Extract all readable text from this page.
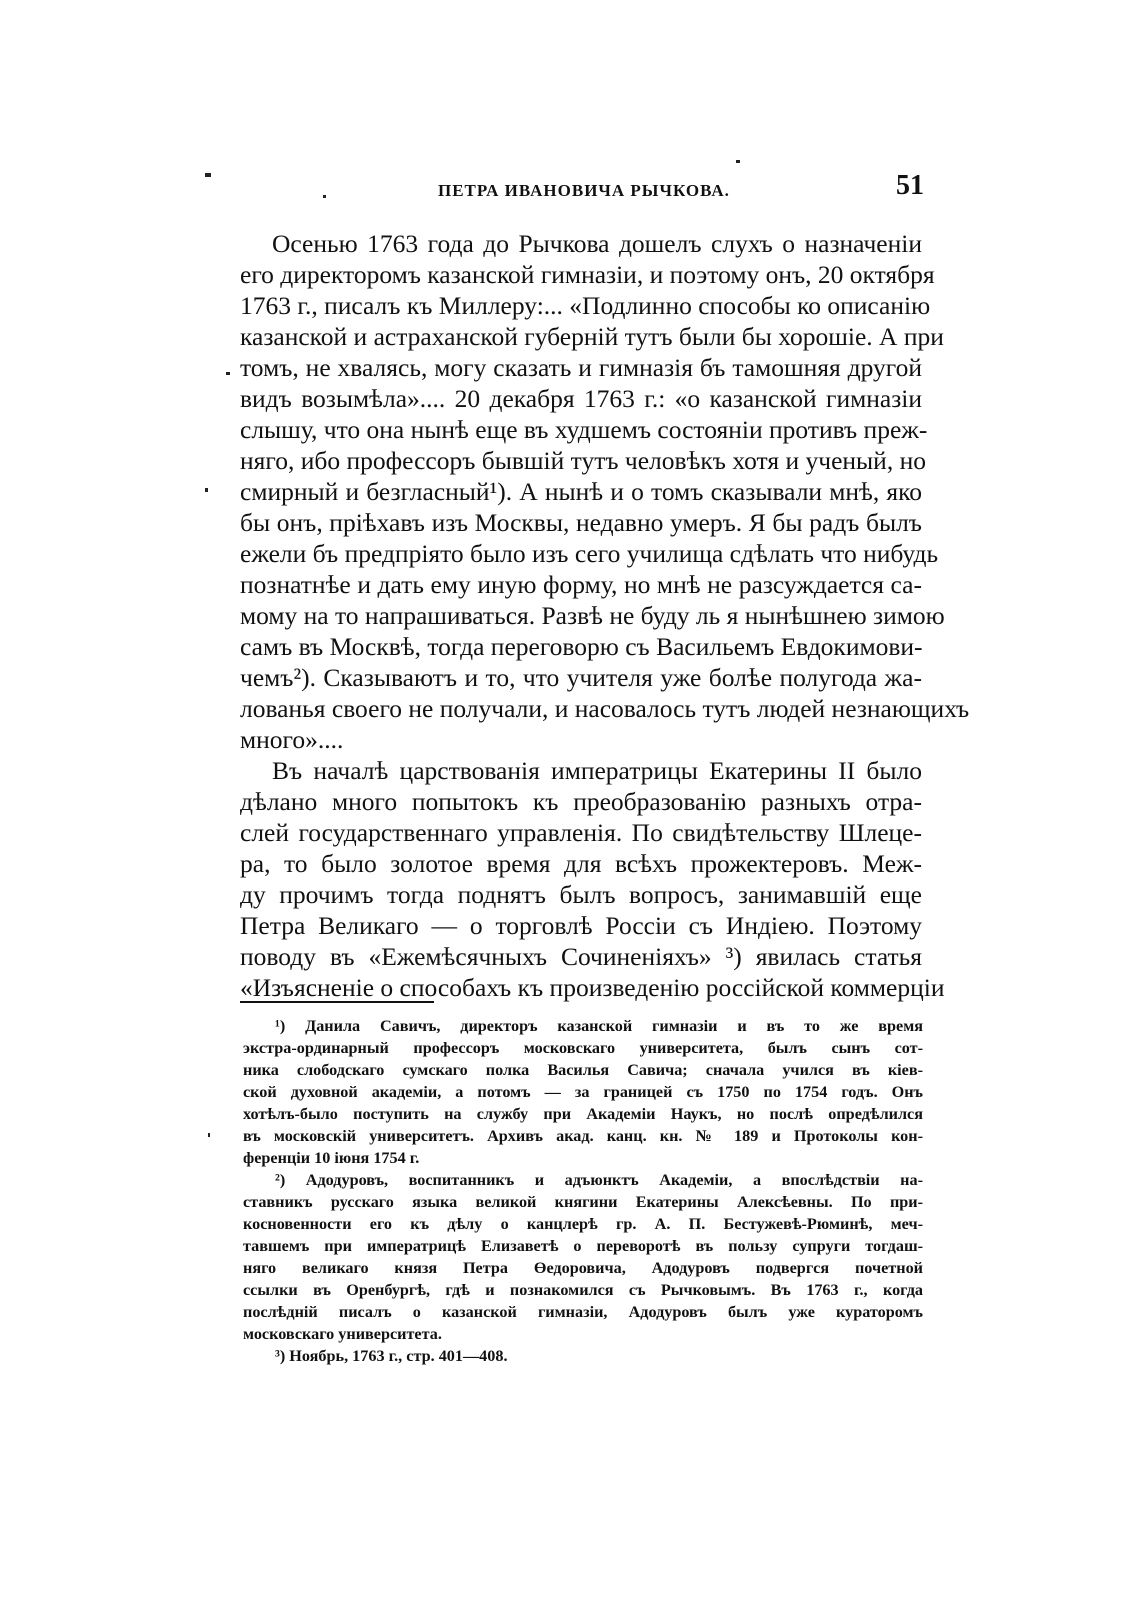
ПЕТРА ИВАНОВИЧА РЫЧКОВА.	51
Осенью 1763 года до Рычкова дошелъ слухъ о назначенiи
его директоромъ казанской гимназiи, и поэтому онъ, 20 октября
1763 г., писалъ къ Миллеру:... «Подлинно способы ко описанiю
казанской и астраханской губернiй тутъ были бы хорошiе. А при
томъ, не хвалясь, могу сказать и гимназiя бъ тамошняя другой
видъ возымѣла».... 20 декабря 1763 г.: «о казанской гимназiи
слышу, что она нынѣ еще въ худшемъ состоянiи противъ преж-
няго, ибо профессоръ бывшiй тутъ человѣкъ хотя и ученый, но
смирный и безгласный¹). А нынѣ и о томъ сказывали мнѣ, яко
бы онъ, прiѣхавъ изъ Москвы, недавно умеръ. Я бы радъ былъ
ежели бъ предпрiято было изъ сего училища сдѣлать что нибудь
познатнѣе и дать ему иную форму, но мнѣ не разсуждается са-
мому на то напрашиваться. Развѣ не буду ль я нынѣшнею зимою
самъ въ Москвѣ, тогда переговорю съ Васильемъ Евдокимови-
чемъ²). Сказываютъ и то, что учителя уже болѣе полугода жа-
лованья своего не получали, и насовалось тутъ людей незнающихъ
много»....
Въ началѣ царствованiя императрицы Екатерины II было
дѣлано много попытокъ къ преобразованiю разныхъ отра-
слей государственнаго управленiя. По свидѣтельству Шлеце-
ра, то было золотое время для всѣхъ прожектеровъ. Меж-
ду прочимъ тогда поднятъ былъ вопросъ, занимавшiй еще
Петра Великаго — о торговлѣ Россiи съ Индiею. Поэтому
поводу въ «Ежемѣсячныхъ Сочиненiяхъ» ³) явилась статья
«Изъясненiе о способахъ къ произведенiю россiйской коммерцiи
¹) Данила Савичъ, директоръ казанской гимназiи и въ то же время
экстра-ординарный профессоръ московскаго университета, былъ сынъ сот-
ника слободскаго сумскаго полка Василья Савича; сначала учился въ кiев-
ской духовной академiи, а потомъ — за границей съ 1750 по 1754 годъ. Онъ
хотѣлъ-было поступить на службу при Академiи Наукъ, но послѣ опредѣлился
въ московскiй университетъ. Архивъ акад. канц. кн. № 189 и Протоколы кон-
ференцiи 10 iюня 1754 г.
²) Адодуровъ, воспитанникъ и адъюнктъ Академiи, а впослѣдствiи на-
ставникъ русскаго языка великой княгини Екатерины Алексѣевны. По при-
косновенности его къ дѣлу о канцлерѣ гр. А. П. Бестужевѣ-Рюминѣ, меч-
тавшемъ при императрицѣ Елизаветѣ о переворотѣ въ пользу супруги тогдаш-
няго великаго князя Петра Өедоровича, Адодуровъ подвергся почетной
ссылки въ Оренбургѣ, гдѣ и познакомился съ Рычковымъ. Въ 1763 г., когда
послѣднiй писалъ о казанской гимназiи, Адодуровъ былъ уже кураторомъ
московскаго университета.
³) Ноябрь, 1763 г., стр. 401—408.
